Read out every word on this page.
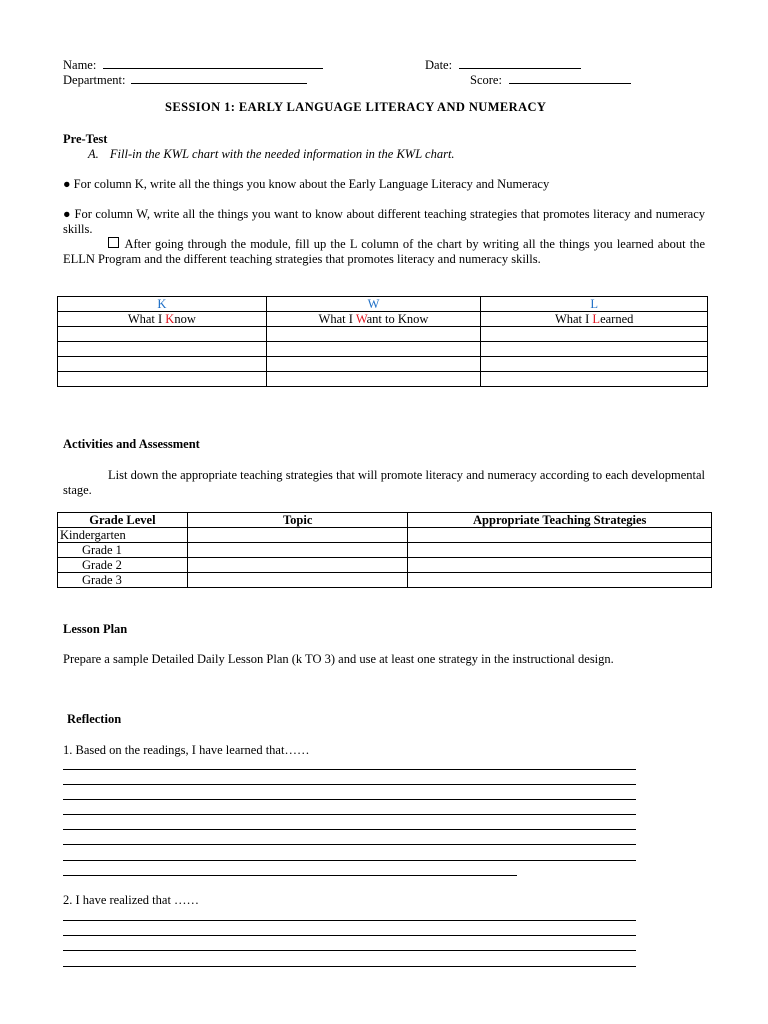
Name:	Date:
Department:	Score:
SESSION 1: EARLY LANGUAGE LITERACY AND NUMERACY
Pre-Test
A. Fill-in the KWL chart with the needed information in the KWL chart.
● For column K, write all the things you know about the Early Language Literacy and Numeracy
● For column W, write all the things you want to know about different teaching strategies that promotes literacy and numeracy skills.
After going through the module, fill up the L column of the chart by writing all the things you learned about the ELLN Program and the different teaching strategies that promotes literacy and numeracy skills.
K	W	L
What I Know	What I Want to Know	What I Learned

Activities and Assessment
List down the appropriate teaching strategies that will promote literacy and numeracy according to each developmental stage.
Grade Level	Topic	Appropriate Teaching Strategies
Kindergarten		
Grade 1		
Grade 2		
Grade 3		
Lesson Plan
Prepare a sample Detailed Daily Lesson Plan (k TO 3) and use at least one strategy in the instructional design.
Reflection
1. Based on the readings, I have learned that……
2. I have realized that ……
